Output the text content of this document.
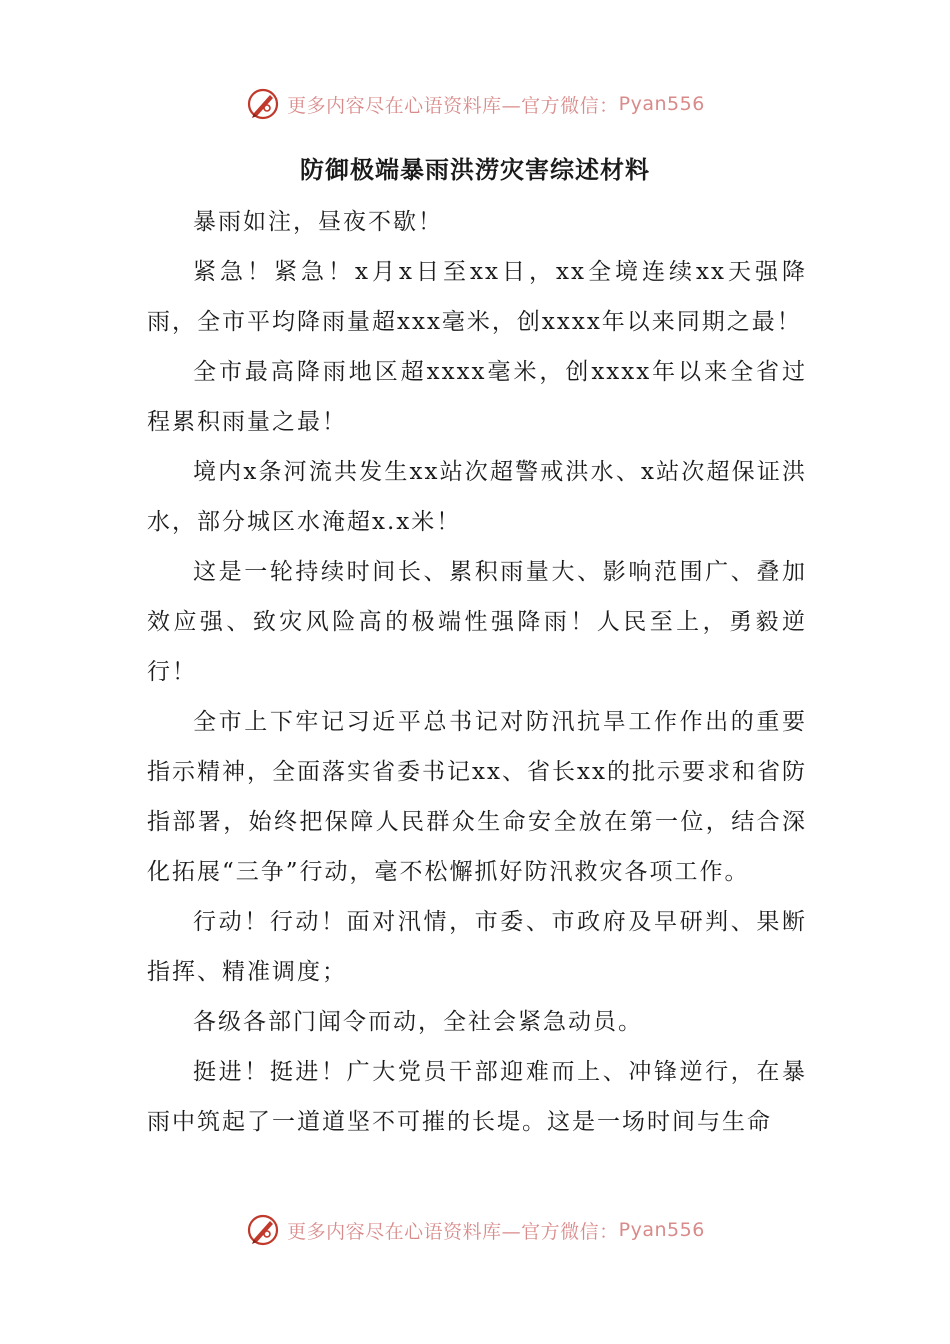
更多内容尽在心语资料库—官方微信： Pyan556
防御极端暴雨洪涝灾害综述材料

暴雨如注，昼夜不歇！

紧急！紧急！x月x日至xx日，xx全境连续xx天强降雨，全市平均降雨量超xxx毫米，创xxxx年以来同期之最！

全市最高降雨地区超xxxx毫米，创xxxx年以来全省过程累积雨量之最！

境内x条河流共发生xx站次超警戒洪水、x站次超保证洪水，部分城区水淹超x.x米！

这是一轮持续时间长、累积雨量大、影响范围广、叠加效应强、致灾风险高的极端性强降雨！人民至上，勇毅逆行！

全市上下牢记习近平总书记对防汛抗旱工作作出的重要指示精神，全面落实省委书记xx、省长xx的批示要求和省防指部署，始终把保障人民群众生命安全放在第一位，结合深化拓展“三争”行动，毫不松懈抓好防汛救灾各项工作。

行动！行动！面对汛情，市委、市政府及早研判、果断指挥、精准调度；

各级各部门闻令而动，全社会紧急动员。

挺进！挺进！广大党员干部迎难而上、冲锋逆行，在暴雨中筑起了一道道坚不可摧的长堤。这是一场时间与生命

更多内容尽在心语资料库—官方微信： Pyan556
